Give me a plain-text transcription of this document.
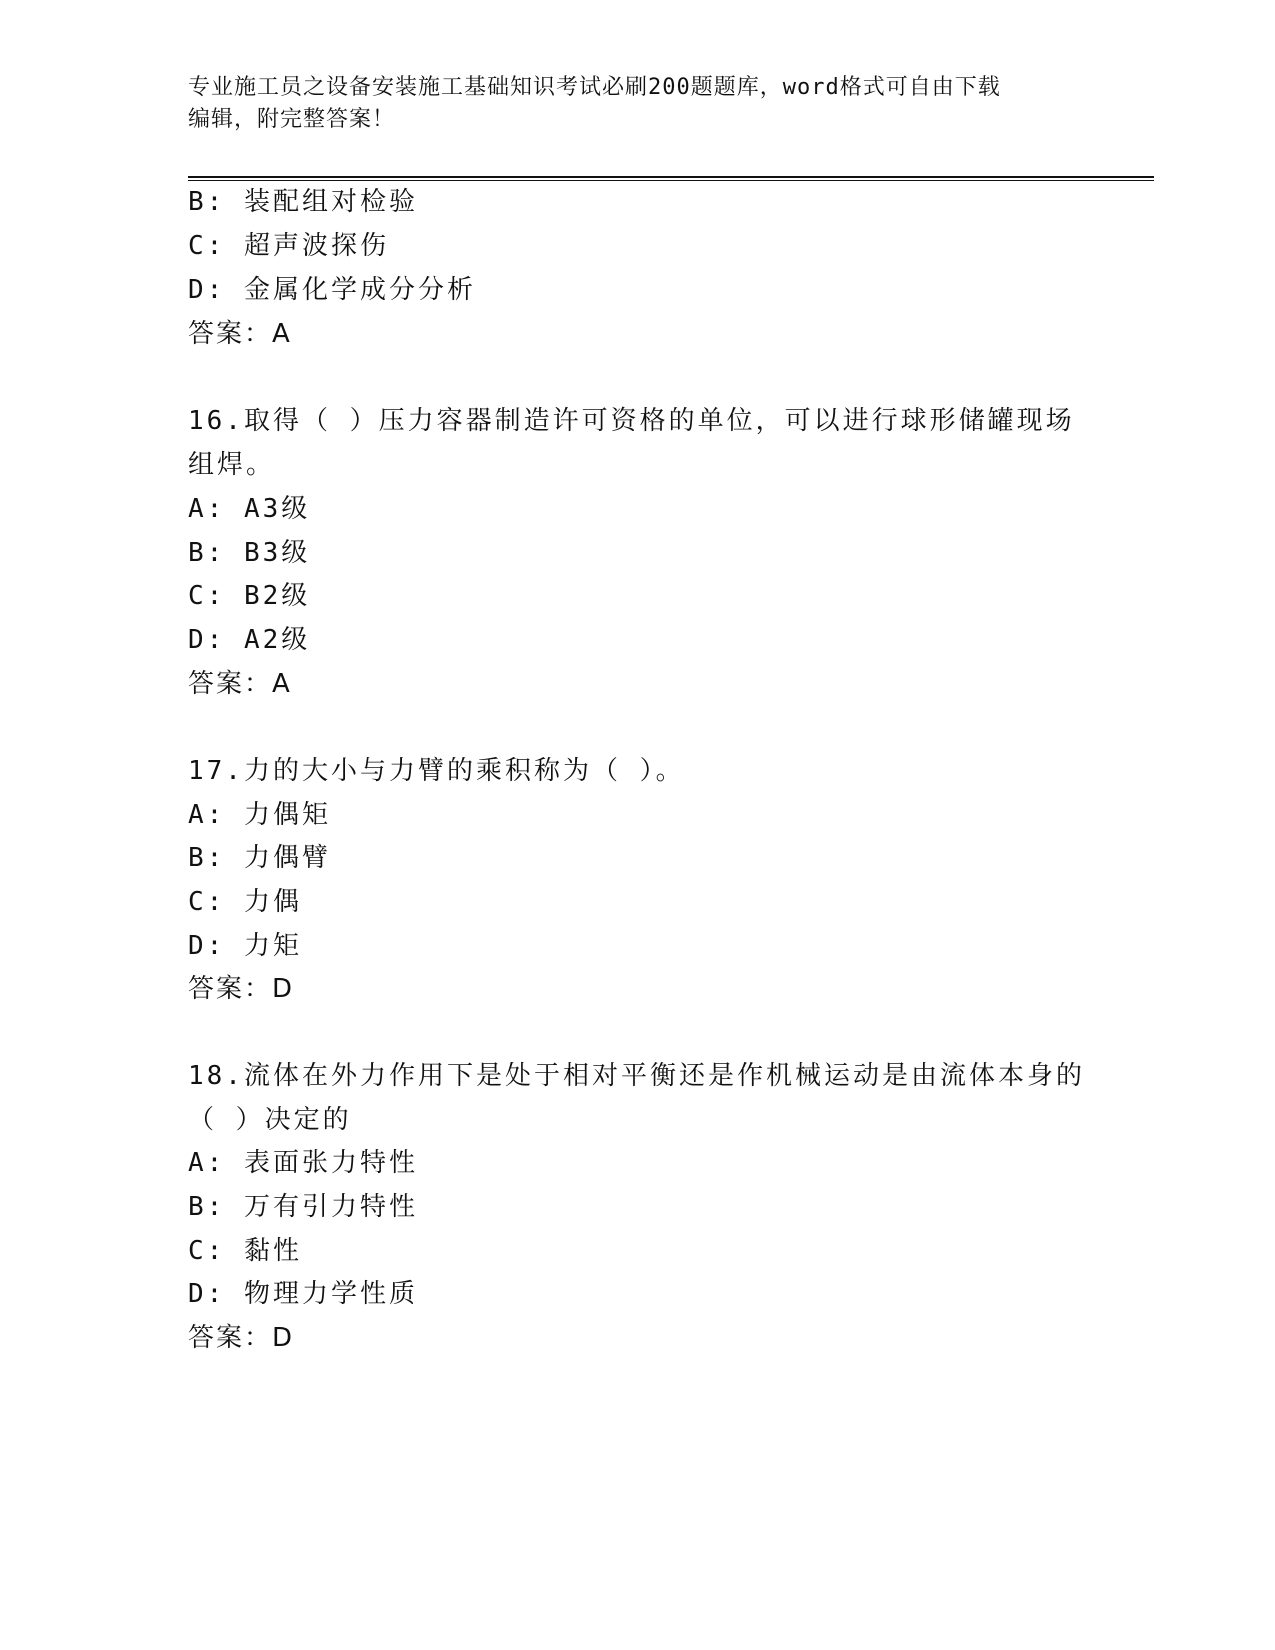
专业施工员之设备安装施工基础知识考试必刷200题题库，word格式可自由下载
编辑，附完整答案！
B: 装配组对检验
C: 超声波探伤
D: 金属化学成分分析
答案：A
16.取得（ ）压力容器制造许可资格的单位，可以进行球形储罐现场
组焊。
A: A3级
B: B3级
C: B2级
D: A2级
答案：A
17.力的大小与力臂的乘积称为（ ）。
A: 力偶矩
B: 力偶臂
C: 力偶
D: 力矩
答案：D
18.流体在外力作用下是处于相对平衡还是作机械运动是由流体本身的
（ ）决定的
A: 表面张力特性
B: 万有引力特性
C: 黏性
D: 物理力学性质
答案：D
